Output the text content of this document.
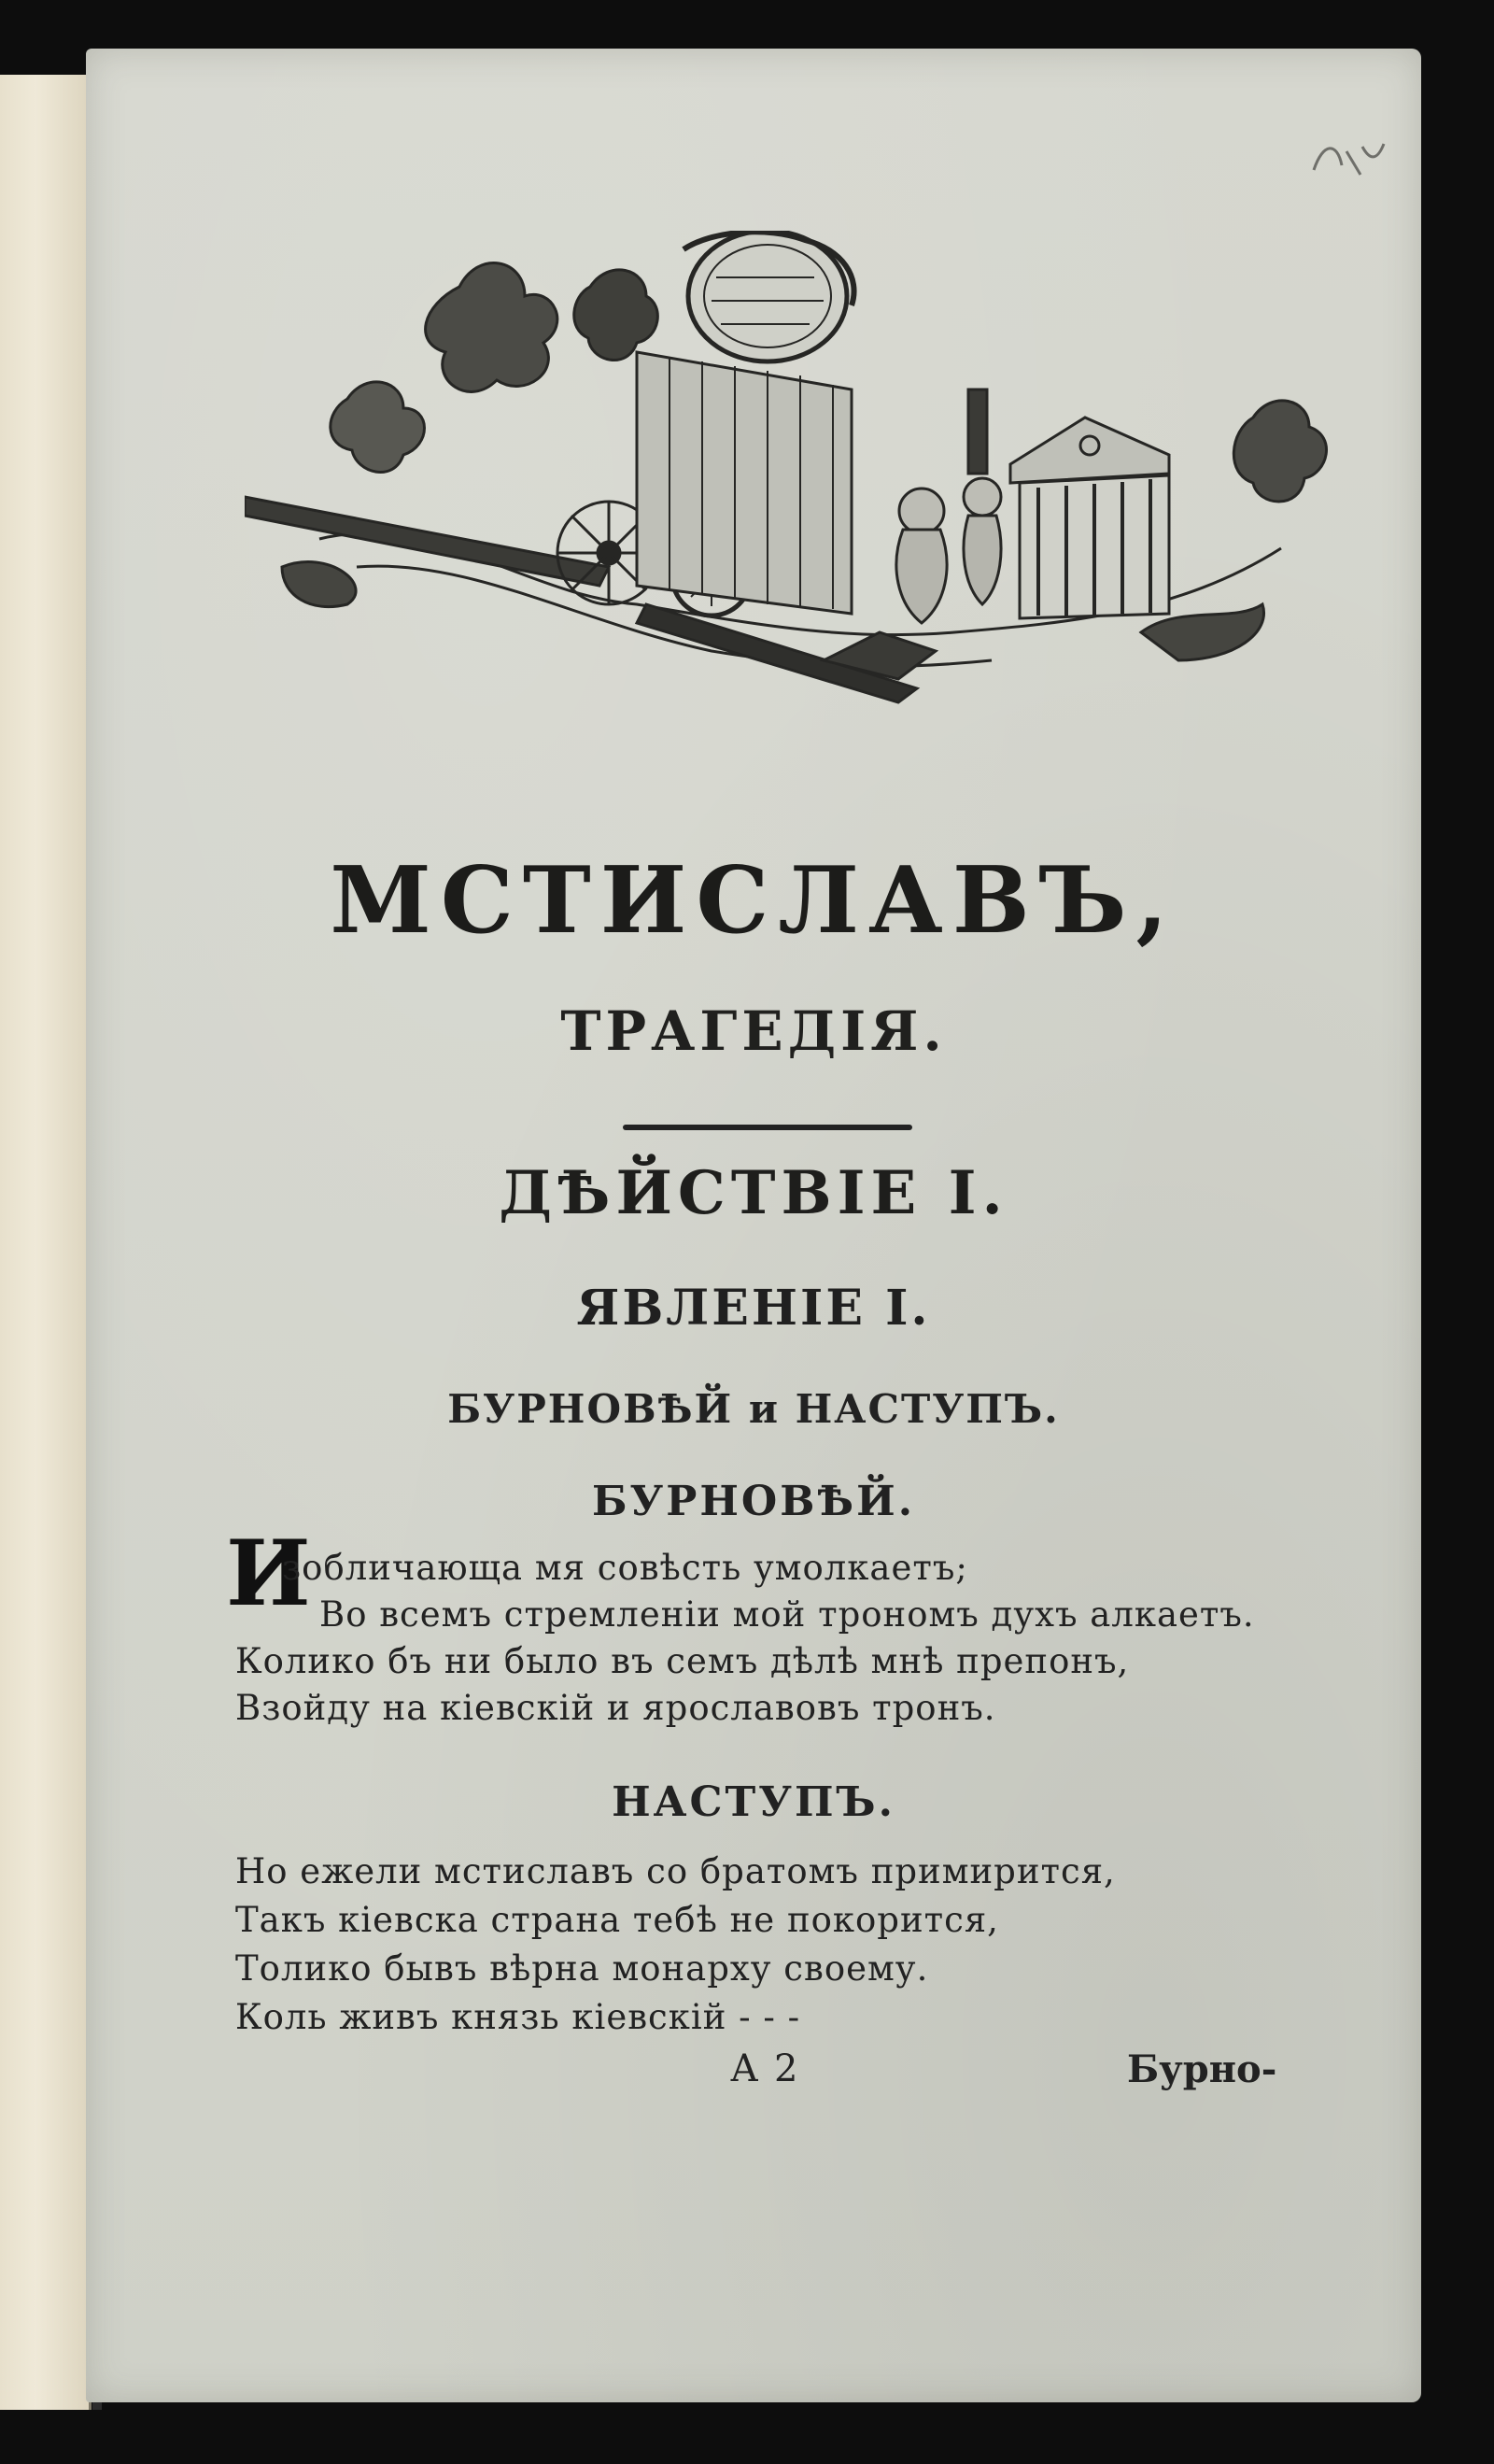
МСТИСЛАВЪ,
ТРАГЕДІЯ.
ДѢЙСТВІЕ I.
ЯВЛЕНІЕ I.
БУРНОВѢЙ и НАСТУПЪ.
БУРНОВѢЙ.
И
зобличающа мя совѣсть умолкаетъ;
Во всемъ стремленіи мой трономъ духъ алкаетъ.
Колико бъ ни было въ семъ дѣлѣ мнѣ препонъ,
Взойду на кіевскій и ярославовъ тронъ.
НАСТУПЪ.
Но ежели мстиславъ со братомъ примирится,
Такъ кіевска страна тебѣ не покорится,
Толико бывъ вѣрна монарху своему.
Коль живъ князь кіевскій - - -
А 2	Бурно-
